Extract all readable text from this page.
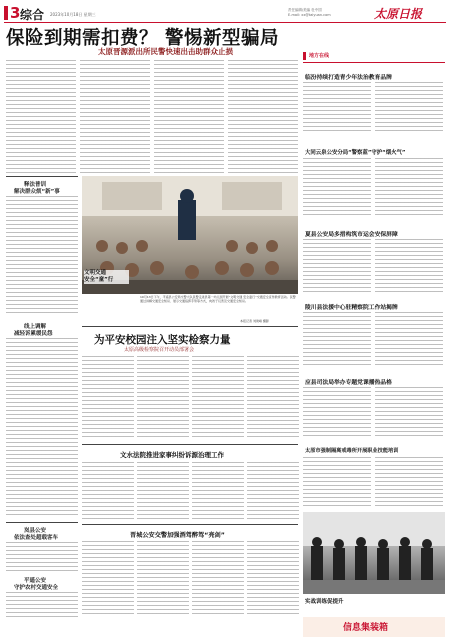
3 综合 2023年10月18日 星期三
责任编辑/美编 杜中国
E-mail: xx@taiyuan.com	太原日报
保险到期需扣费？ 警惕新型骗局
太原晋源派出所民警快速出击助群众止损	地方在线
临汾持续打造青少年法治教育品牌
大同云泉公安分局“警察蓝”守护“烟火气”
夏县公安局多措构筑市运会安保屏障
陵川县法援中心驻精察院工作站揭牌
应县司法局举办专题党课播热品格
太原市强制隔离戒毒所开展职业技能培训
实战训练促提升
释法普训
解决群众烦“新”事
线上调解
减轻诉累缓民怨
岚县公安
依法查处超载客车
平遥公安
守护农村交通安全
文明交通
安全“童”行
10月13日下午，平遥县公安局交警大队民警走进县第一幼儿园开展“文明交通 安全童行”交通安全宣传教育活动。民警通过讲解交通安全知识、展示交通指挥手势等方式，向孩子们普及交通安全知识。
本报记者 刘建峰 摄影
为平安校园注入坚实检察力量
太原高级检察院召开动员部署会
文水法院推进家事纠纷诉源治理工作
晋城公安交警加强酒驾醉驾“亮剑”
信息集装箱
